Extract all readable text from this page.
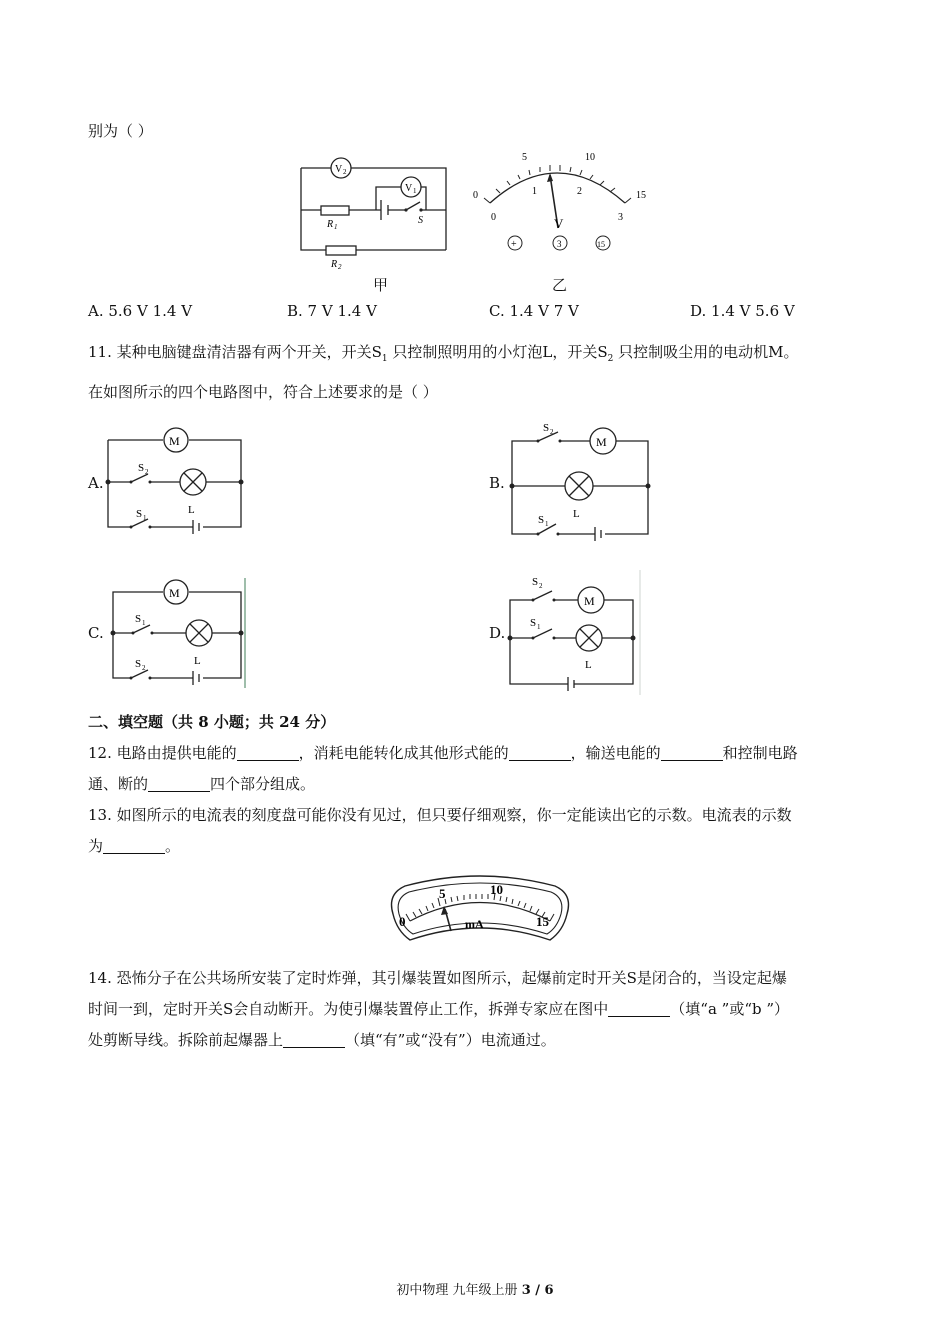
别为（ ）
V 2
V 1
R 1
R 2
S
甲
0
5	10
15
0
1	2
3
V
+	3	15
乙
A. 5.6 V 1.4 V	B. 7 V 1.4 V	C. 1.4 V 7 V	D. 1.4 V 5.6 V
11. 某种电脑键盘清洁器有两个开关，开关$S_1$ 只控制照明用的小灯泡L，开关$S_2$ 只控制吸尘用的电动机M。
在如图所示的四个电路图中，符合上述要求的是（ ）
A.
M
S 2
S 1
L
B.
M
S 2
S 1
L
C.
M
S 1
S 2
L
D.
M
S 2
S 1
L
二、填空题（共 8 小题；共 24 分）
12. 电路由提供电能的	，消耗电能转化成其他形式能的	，输送电能的	和控制电路
通、断的	四个部分组成。
13. 如图所示的电流表的刻度盘可能你没有见过，但只要仔细观察，你一定能读出它的示数。电流表的示数
为	。
0
5	10
15
mA
14. 恐怖分子在公共场所安装了定时炸弹，其引爆装置如图所示，起爆前定时开关S是闭合的，当设定起爆
时间一到，定时开关S会自动断开。为使引爆装置停止工作，拆弹专家应在图中	（填“a ”或“b ”）
处剪断导线。拆除前起爆器上	（填“有”或“没有”）电流通过。
初中物理 九年级上册 3 / 6
